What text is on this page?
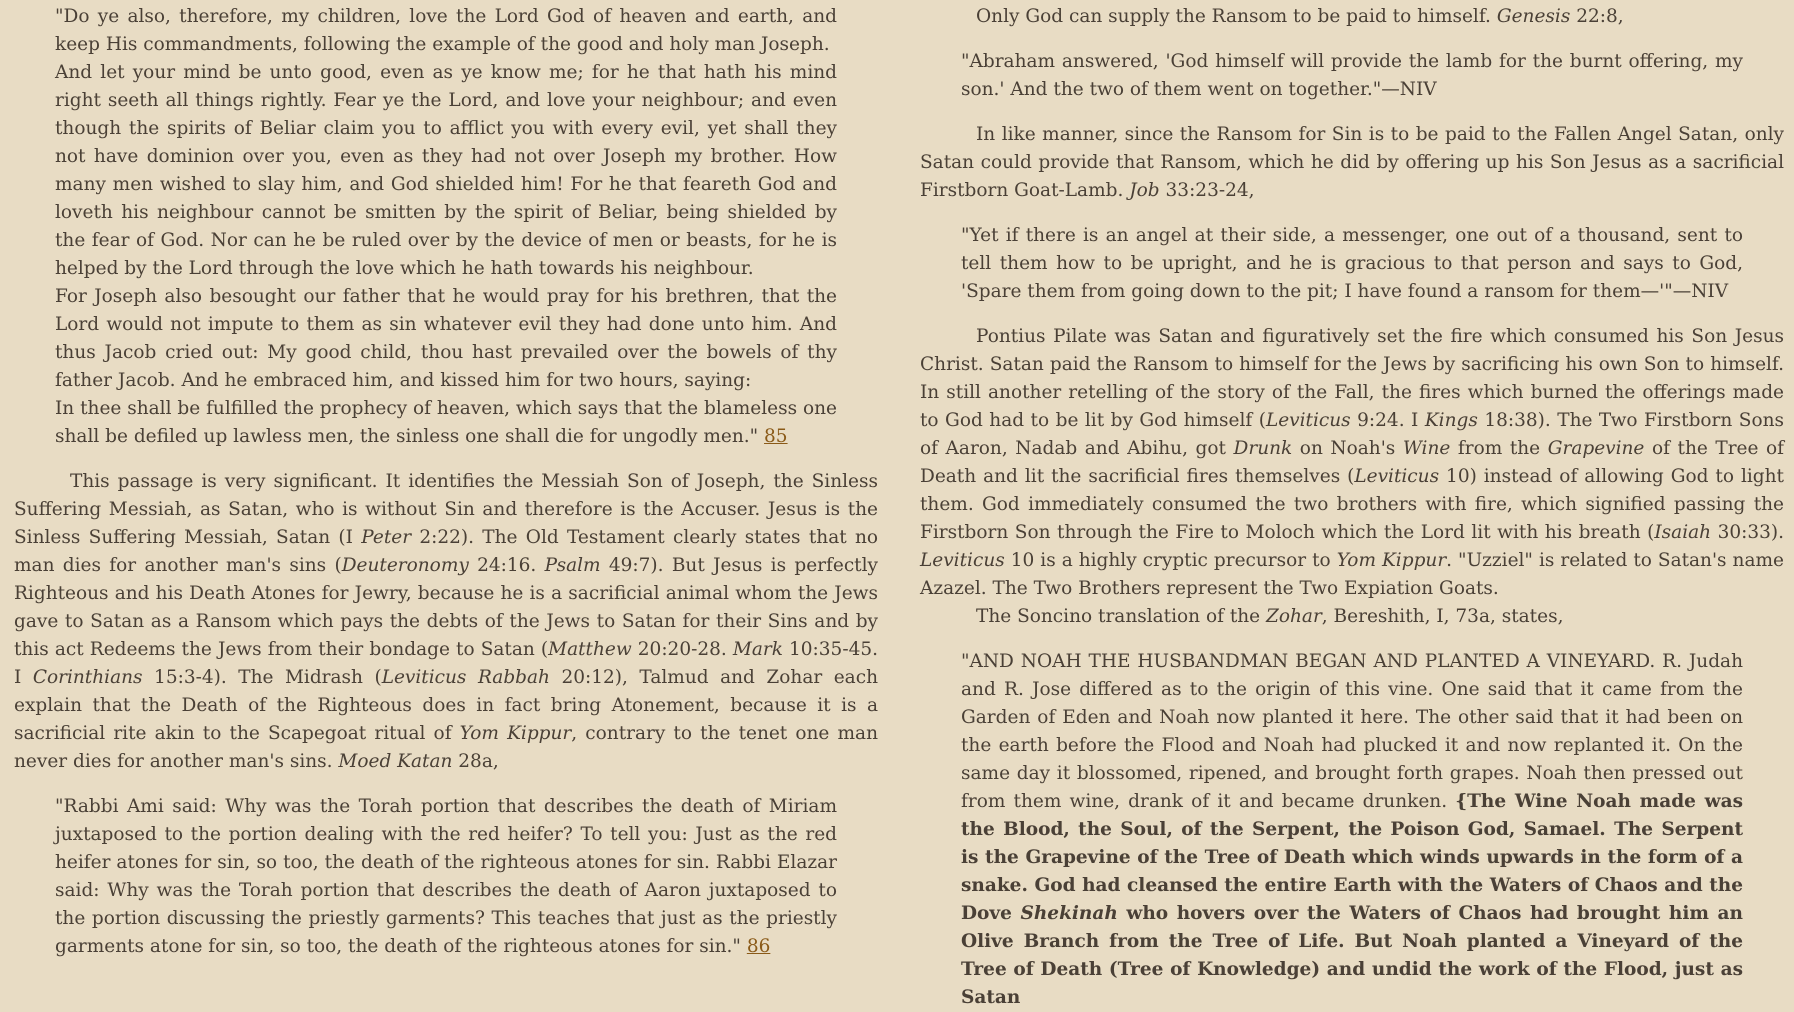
"Do ye also, therefore, my children, love the Lord God of heaven and earth, and keep His commandments, following the example of the good and holy man Joseph.

And let your mind be unto good, even as ye know me; for he that hath his mind right seeth all things rightly. Fear ye the Lord, and love your neighbour; and even though the spirits of Beliar claim you to afflict you with every evil, yet shall they not have dominion over you, even as they had not over Joseph my brother. How many men wished to slay him, and God shielded him! For he that feareth God and loveth his neighbour cannot be smitten by the spirit of Beliar, being shielded by the fear of God. Nor can he be ruled over by the device of men or beasts, for he is helped by the Lord through the love which he hath towards his neighbour.

For Joseph also besought our father that he would pray for his brethren, that the Lord would not impute to them as sin whatever evil they had done unto him. And thus Jacob cried out: My good child, thou hast prevailed over the bowels of thy father Jacob. And he embraced him, and kissed him for two hours, saying:

In thee shall be fulfilled the prophecy of heaven, which says that the blameless one shall be defiled up lawless men, the sinless one shall die for ungodly men." 85

This passage is very significant. It identifies the Messiah Son of Joseph, the Sinless Suffering Messiah, as Satan, who is without Sin and therefore is the Accuser. Jesus is the Sinless Suffering Messiah, Satan (I Peter 2:22). The Old Testament clearly states that no man dies for another man's sins (Deuteronomy 24:16. Psalm 49:7). But Jesus is perfectly Righteous and his Death Atones for Jewry, because he is a sacrificial animal whom the Jews gave to Satan as a Ransom which pays the debts of the Jews to Satan for their Sins and by this act Redeems the Jews from their bondage to Satan (Matthew 20:20-28. Mark 10:35-45. I Corinthians 15:3-4). The Midrash (Leviticus Rabbah 20:12), Talmud and Zohar each explain that the Death of the Righteous does in fact bring Atonement, because it is a sacrificial rite akin to the Scapegoat ritual of Yom Kippur, contrary to the tenet one man never dies for another man's sins. Moed Katan 28a,

"Rabbi Ami said: Why was the Torah portion that describes the death of Miriam juxtaposed to the portion dealing with the red heifer? To tell you: Just as the red heifer atones for sin, so too, the death of the righteous atones for sin. Rabbi Elazar said: Why was the Torah portion that describes the death of Aaron juxtaposed to the portion discussing the priestly garments? This teaches that just as the priestly garments atone for sin, so too, the death of the righteous atones for sin." 86

Only God can supply the Ransom to be paid to himself. Genesis 22:8,

"Abraham answered, 'God himself will provide the lamb for the burnt offering, my son.' And the two of them went on together."—NIV

In like manner, since the Ransom for Sin is to be paid to the Fallen Angel Satan, only Satan could provide that Ransom, which he did by offering up his Son Jesus as a sacrificial Firstborn Goat-Lamb. Job 33:23-24,

"Yet if there is an angel at their side, a messenger, one out of a thousand, sent to tell them how to be upright, and he is gracious to that person and says to God, 'Spare them from going down to the pit; I have found a ransom for them—'"—NIV

Pontius Pilate was Satan and figuratively set the fire which consumed his Son Jesus Christ. Satan paid the Ransom to himself for the Jews by sacrificing his own Son to himself. In still another retelling of the story of the Fall, the fires which burned the offerings made to God had to be lit by God himself (Leviticus 9:24. I Kings 18:38). The Two Firstborn Sons of Aaron, Nadab and Abihu, got Drunk on Noah's Wine from the Grapevine of the Tree of Death and lit the sacrificial fires themselves (Leviticus 10) instead of allowing God to light them. God immediately consumed the two brothers with fire, which signified passing the Firstborn Son through the Fire to Moloch which the Lord lit with his breath (Isaiah 30:33). Leviticus 10 is a highly cryptic precursor to Yom Kippur. "Uzziel" is related to Satan's name Azazel. The Two Brothers represent the Two Expiation Goats.

The Soncino translation of the Zohar, Bereshith, I, 73a, states,

"AND NOAH THE HUSBANDMAN BEGAN AND PLANTED A VINEYARD. R. Judah and R. Jose differed as to the origin of this vine. One said that it came from the Garden of Eden and Noah now planted it here. The other said that it had been on the earth before the Flood and Noah had plucked it and now replanted it. On the same day it blossomed, ripened, and brought forth grapes. Noah then pressed out from them wine, drank of it and became drunken. {The Wine Noah made was the Blood, the Soul, of the Serpent, the Poison God, Samael. The Serpent is the Grapevine of the Tree of Death which winds upwards in the form of a snake. God had cleansed the entire Earth with the Waters of Chaos and the Dove Shekinah who hovers over the Waters of Chaos had brought him an Olive Branch from the Tree of Life. But Noah planted a Vineyard of the Tree of Death (Tree of Knowledge) and undid the work of the Flood, just as Satan
